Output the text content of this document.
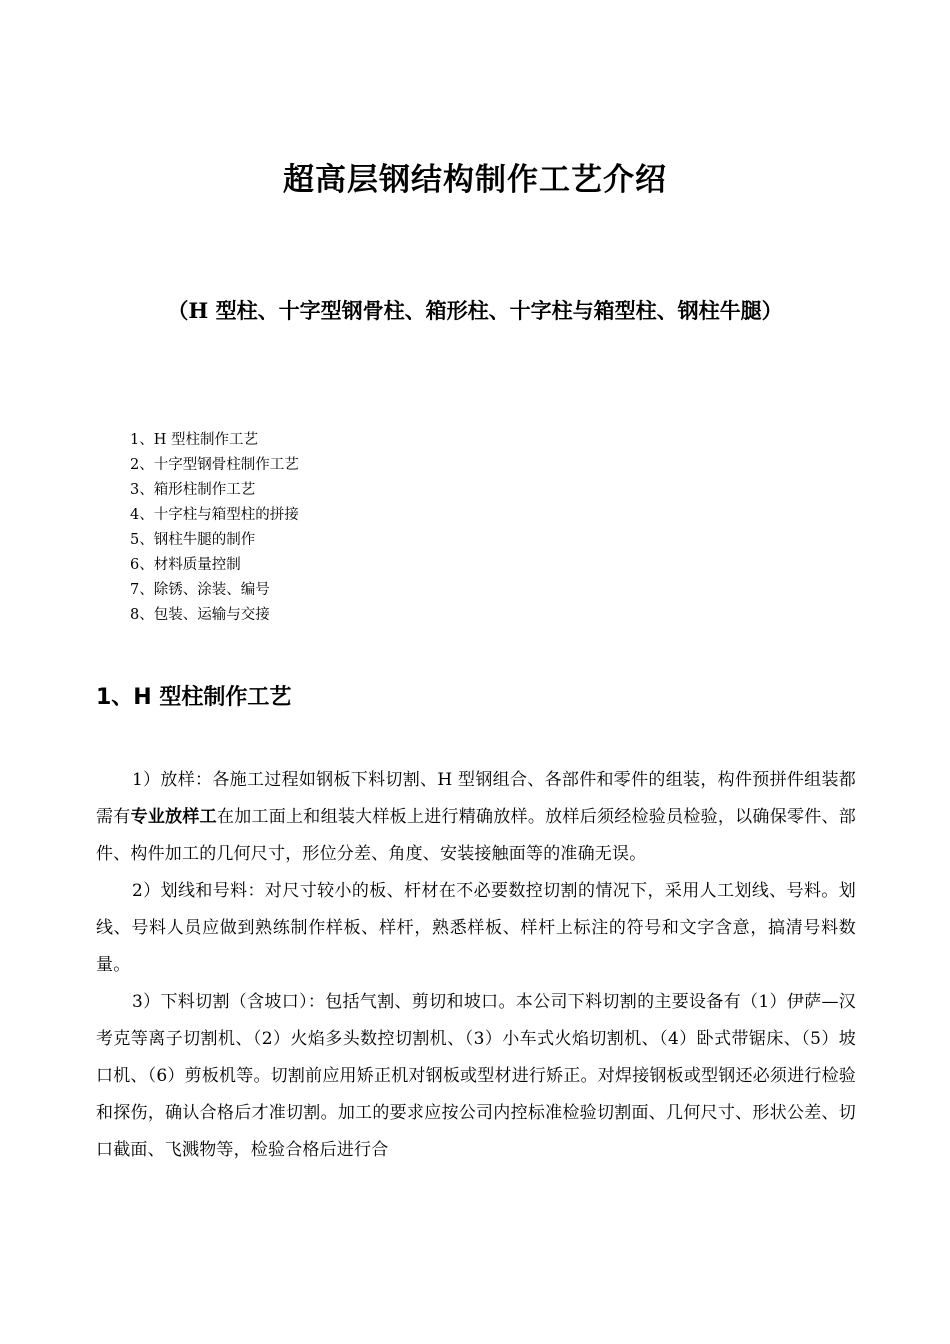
超高层钢结构制作工艺介绍
（H 型柱、十字型钢骨柱、箱形柱、十字柱与箱型柱、钢柱牛腿）
1、H 型柱制作工艺
2、十字型钢骨柱制作工艺
3、箱形柱制作工艺
4、十字柱与箱型柱的拼接
5、钢柱牛腿的制作
6、材料质量控制
7、除锈、涂装、编号
8、包装、运输与交接
1、H 型柱制作工艺

1）放样：各施工过程如钢板下料切割、H 型钢组合、各部件和零件的组装，构件预拼件组装都需有专业放样工在加工面上和组装大样板上进行精确放样。放样后须经检验员检验，以确保零件、部件、构件加工的几何尺寸，形位分差、角度、安装接触面等的准确无误。

2）划线和号料：对尺寸较小的板、杆材在不必要数控切割的情况下，采用人工划线、号料。划线、号料人员应做到熟练制作样板、样杆，熟悉样板、样杆上标注的符号和文字含意，搞清号料数量。

3）下料切割（含坡口）：包括气割、剪切和坡口。本公司下料切割的主要设备有（1）伊萨—汉考克等离子切割机、（2）火焰多头数控切割机、（3）小车式火焰切割机、（4）卧式带锯床、（5）坡口机、（6）剪板机等。切割前应用矫正机对钢板或型材进行矫正。对焊接钢板或型钢还必须进行检验和探伤，确认合格后才准切割。加工的要求应按公司内控标准检验切割面、几何尺寸、形状公差、切口截面、飞溅物等，检验合格后进行合
